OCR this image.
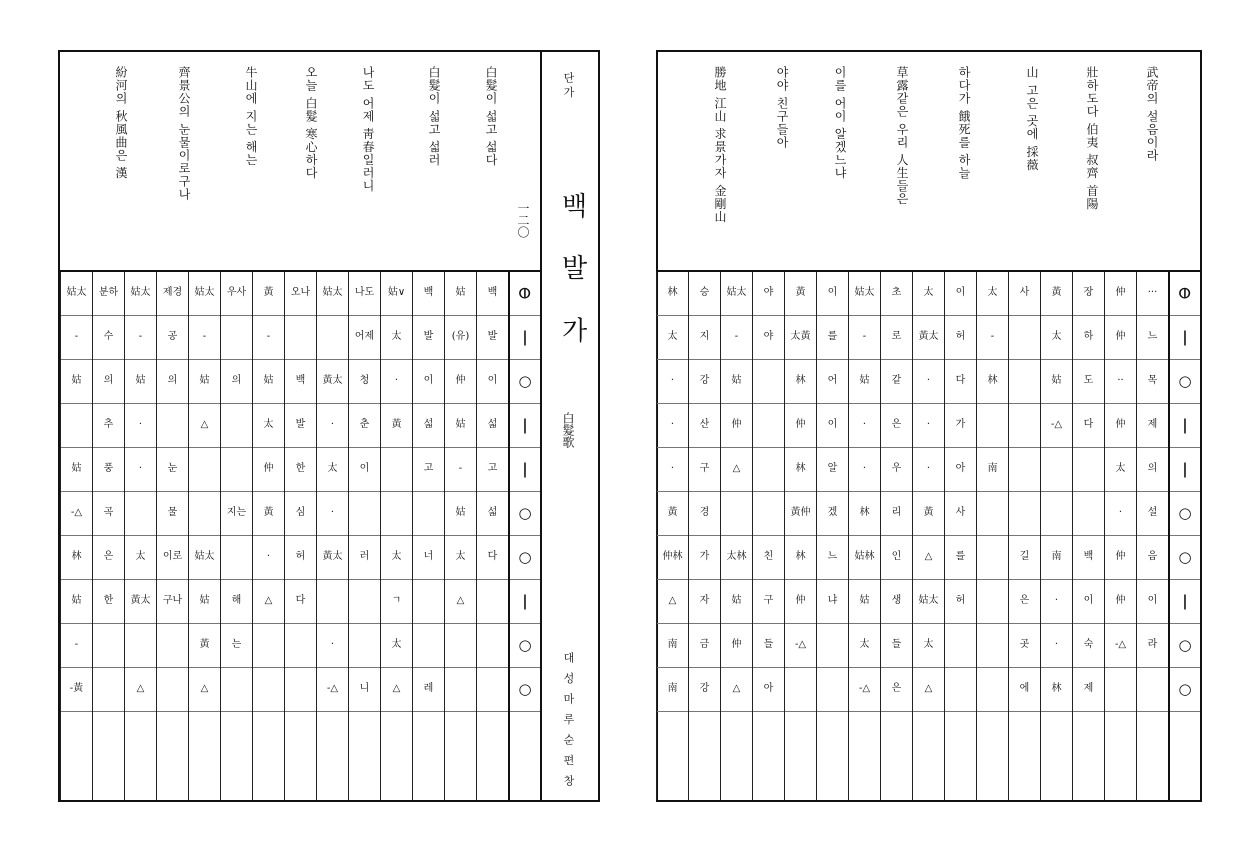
白髮이 섧고 섧다
白髮이 섧고 섧러
나도 어제 靑春일러니
오늘 白髮 寒心하다
牛山에 지는 해는
齊景公의 눈물이로구나
紛河의 秋風曲은 漢
一二〇
단 가
백 발 가
白髮歌
대 성 마 루 순 편 창
백
발
이
섧
고
섧
다
姑
(유)
仲
姑
-
姑
太
△
백
발
이
섧
고
너
레
姑∨
太
·
黃
太
ㄱ
太
△
나도
어제
청
춘
이
러
니
姑太
黃太
·
太
·
黃太
·
-△
오나
백
발
한
심
허
다
黃
-
姑
太
仲
黃
·
△
우사
의
지는
해
는
姑太
-
姑
△
姑太
姑
黃
△
제경
공
의
눈
물
이로
구나
姑太
-
姑
·
·
太
黃太
△
분하
수
의
추
풍
곡
은
한
姑太
-
姑
姑
-△
林
姑
-
-黃
⦶
|
○
|
|
○
○
|
○
○
武帝의 설음이라
壯하도다 伯夷 叔齊 首陽
山 고은 곳에 採薇
하다가 餓死를 하늘
草露같은 우리 人生들은
이를 어이 알겠느냐
야야 친구들아
勝地 江山 求景가자 金剛山
···
느
목
제
의
설
음
이
라
仲
仲
··
仲
太
·
仲
仲
-△
장
하
도
다
백
이
숙
제
黃
太
姑
-△
南
·
·
林
사
길
은
곳
에
太
-
林
南
이
허
다
가
아
사
를
허
太
黃太
·
·
·
黃
△
姑太
太
△
초
로
같
은
우
리
인
생
들
은
姑太
-
姑
·
·
林
姑林
姑
太
-△
이
를
어
이
알
겠
느
냐
黃
太黃
林
仲
林
黃仲
林
仲
-△
야
야
친
구
들
아
姑太
-
姑
仲
△
太林
姑
仲
△
승
지
강
산
구
경
가
자
금
강
林
太
·
·
·
黃
仲林
△
南
南
⦶
|
○
|
|
○
○
|
○
○
